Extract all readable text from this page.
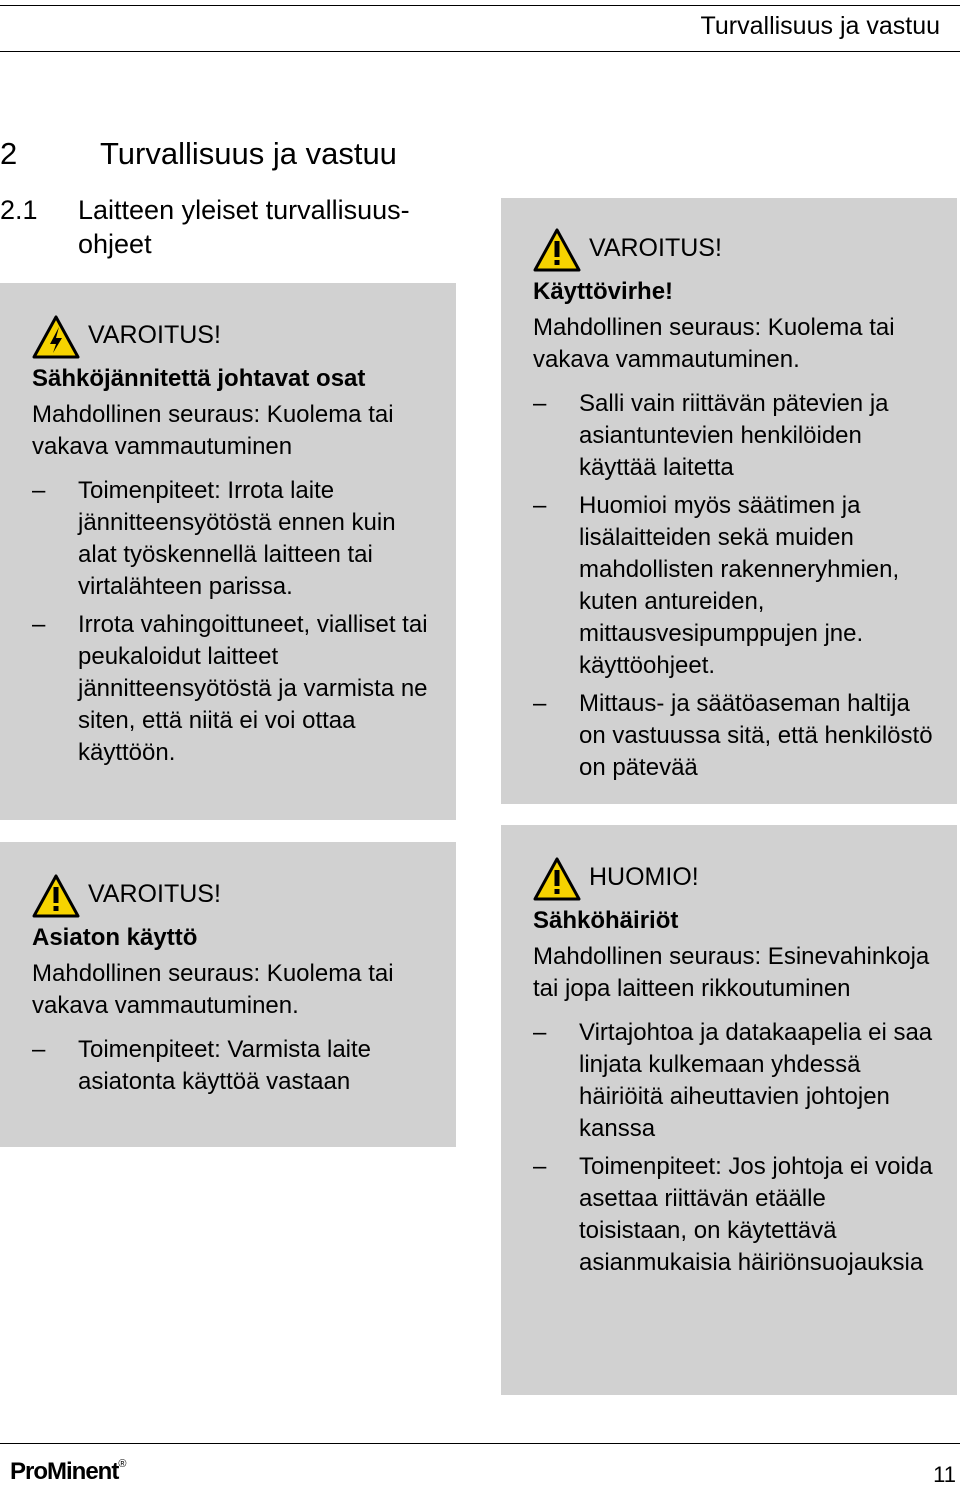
Turvallisuus ja vastuu
2	Turvallisuus ja vastuu
2.1 Laitteen yleiset turvallisuus-ohjeet
VAROITUS!
Sähköjännitettä johtavat osat
Mahdollinen seuraus: Kuolema tai vakava vammautuminen
– Toimenpiteet: Irrota laite jännitteensyötöstä ennen kuin alat työskennellä laitteen tai virtalähteen parissa.
– Irrota vahingoittuneet, vialliset tai peukaloidut laitteet jännitteensyötöstä ja varmista ne siten, että niitä ei voi ottaa käyttöön.
VAROITUS!
Käyttövirhe!
Mahdollinen seuraus: Kuolema tai vakava vammautuminen.
– Salli vain riittävän pätevien ja asiantuntevien henkilöiden käyttää laitetta
– Huomioi myös säätimen ja lisälaitteiden sekä muiden mahdollisten rakenneryhmien, kuten antureiden, mittausvesipumppujen jne. käyttöohjeet.
– Mittaus- ja säätöaseman haltija on vastuussa sitä, että henkilöstö on pätevää
VAROITUS!
Asiaton käyttö
Mahdollinen seuraus: Kuolema tai vakava vammautuminen.
– Toimenpiteet: Varmista laite asiatonta käyttöä vastaan
HUOMIO!
Sähköhäiriöt
Mahdollinen seuraus: Esinevahinkoja tai jopa laitteen rikkoutuminen
– Virtajohtoa ja datakaapelia ei saa linjata kulkemaan yhdessä häiriöitä aiheuttavien johtojen kanssa
– Toimenpiteet: Jos johtoja ei voida asettaa riittävän etäälle toisistaan, on käytettävä asianmukaisia häiriönsuojauksia
ProMinent®	11
